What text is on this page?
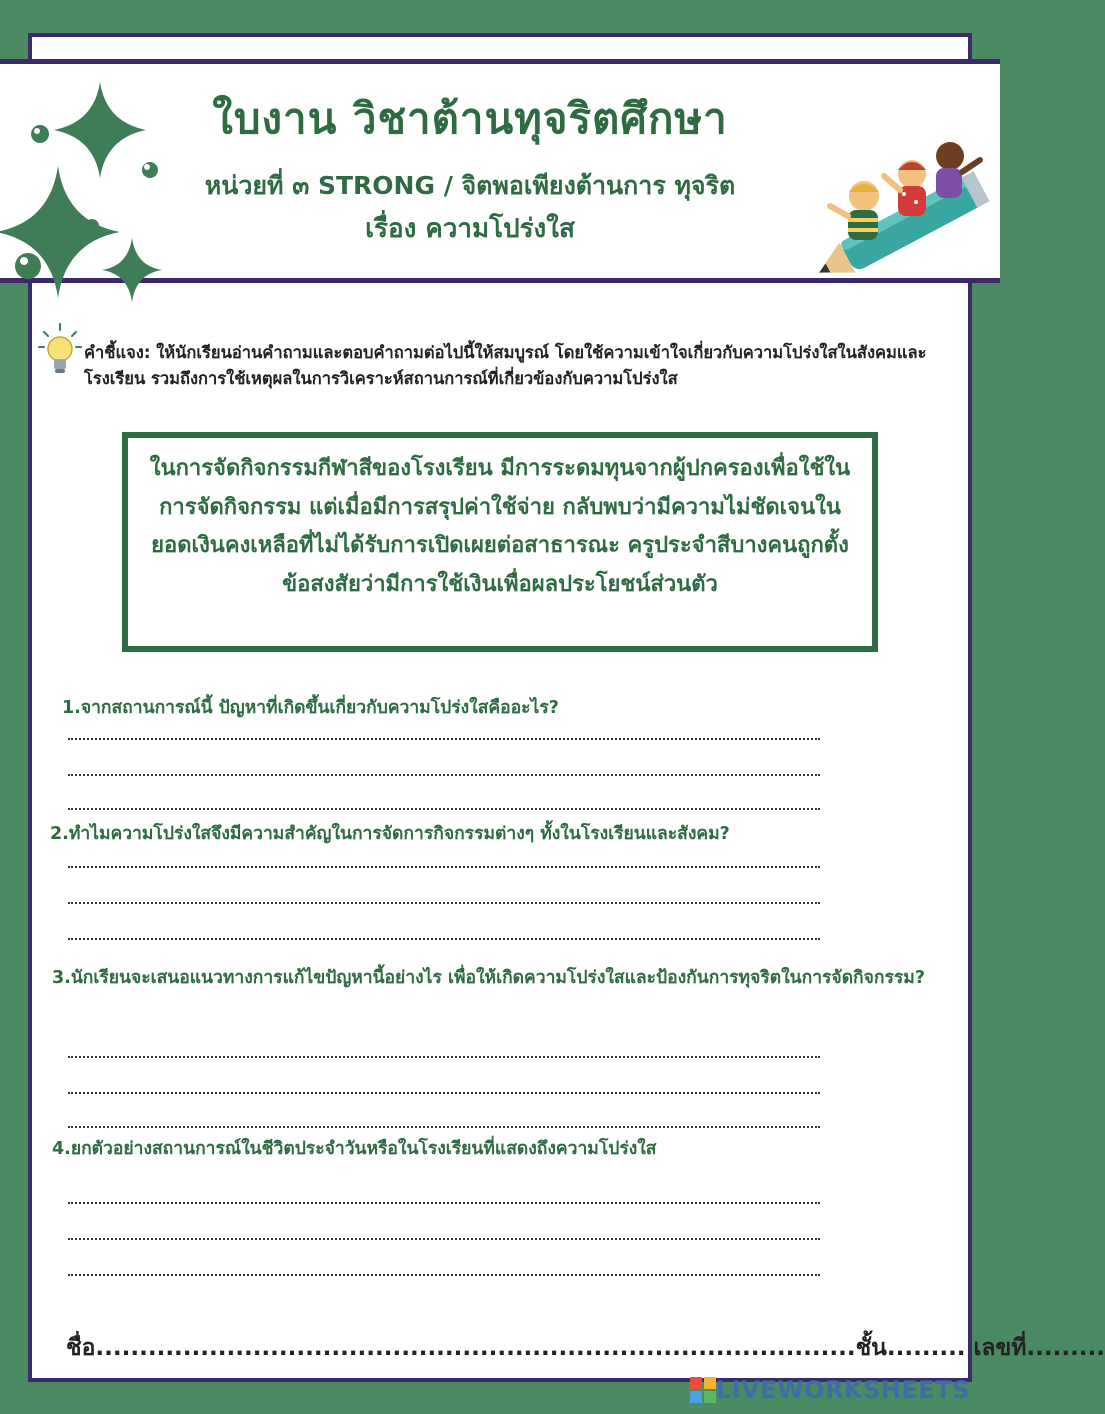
ใบงาน วิชาต้านทุจริตศึกษา
หน่วยที่ ๓ STRONG / จิตพอเพียงต้านการ ทุจริต
เรื่อง ความโปร่งใส
คำชี้แจง: ให้นักเรียนอ่านคำถามและตอบคำถามต่อไปนี้ให้สมบูรณ์ โดยใช้ความเข้าใจเกี่ยวกับความโปร่งใสในสังคมและโรงเรียน รวมถึงการใช้เหตุผลในการวิเคราะห์สถานการณ์ที่เกี่ยวข้องกับความโปร่งใส
ในการจัดกิจกรรมกีฬาสีของโรงเรียน มีการระดมทุนจากผู้ปกครองเพื่อใช้ในการจัดกิจกรรม แต่เมื่อมีการสรุปค่าใช้จ่าย กลับพบว่ามีความไม่ชัดเจนในยอดเงินคงเหลือที่ไม่ได้รับการเปิดเผยต่อสาธารณะ ครูประจำสีบางคนถูกตั้งข้อสงสัยว่ามีการใช้เงินเพื่อผลประโยชน์ส่วนตัว
1.จากสถานการณ์นี้ ปัญหาที่เกิดขึ้นเกี่ยวกับความโปร่งใสคืออะไร?
2.ทำไมความโปร่งใสจึงมีความสำคัญในการจัดการกิจกรรมต่างๆ ทั้งในโรงเรียนและสังคม?
3.นักเรียนจะเสนอแนวทางการแก้ไขปัญหานี้อย่างไร เพื่อให้เกิดความโปร่งใสและป้องกันการทุจริตในการจัดกิจกรรม?
4.ยกตัวอย่างสถานการณ์ในชีวิตประจำวันหรือในโรงเรียนที่แสดงถึงความโปร่งใส
ชื่อ.......................................................................................ชั้น......... เลขที่.........
LIVEWORKSHEETS
